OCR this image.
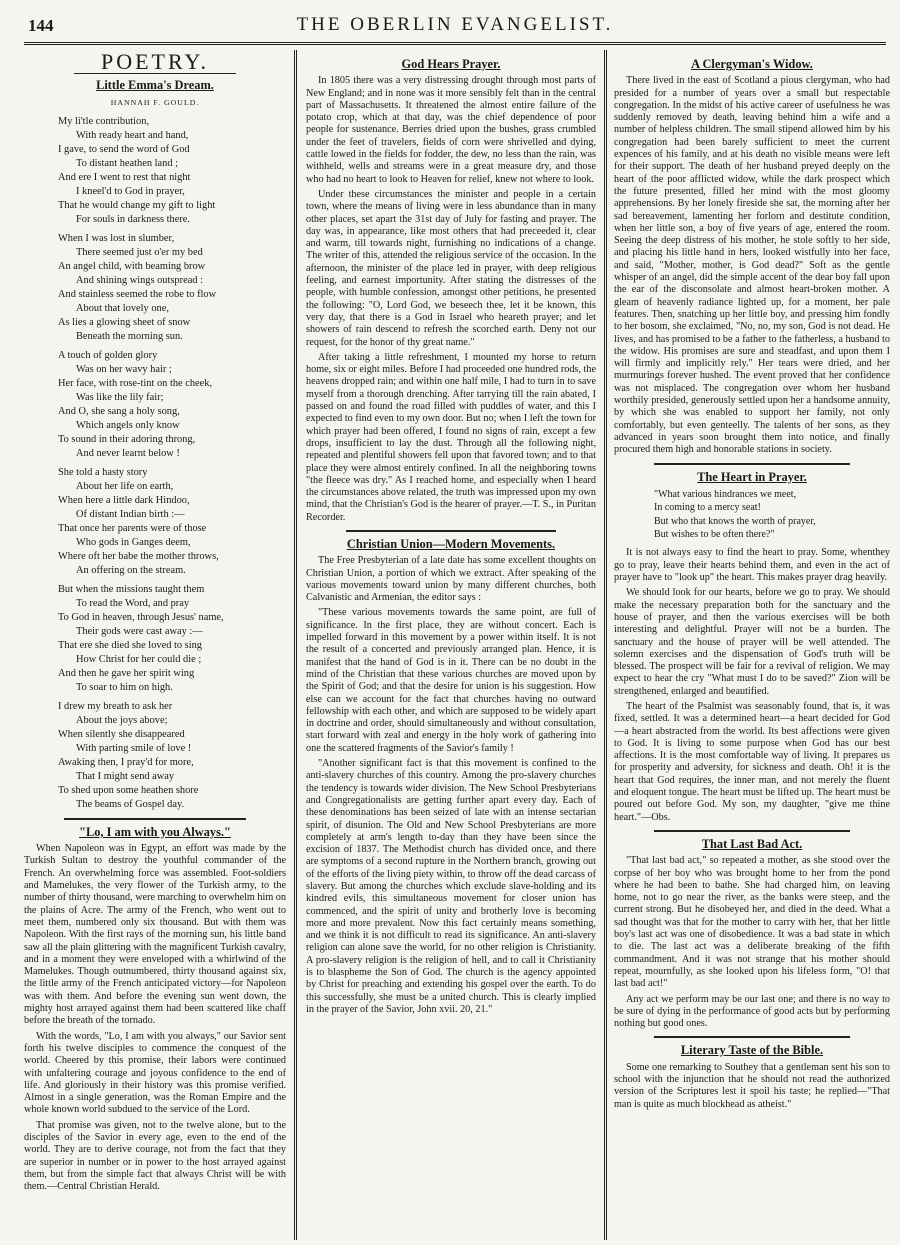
144	THE OBERLIN EVANGELIST.
POETRY.
Little Emma's Dream.
HANNAH F. GOULD.
My li'tle contribution,
With ready heart and hand,
I gave, to send the word of God
To distant heathen land ;
And ere I went to rest that night
I kneel'd to God in prayer,
That he would change my gift to light
For souls in darkness there.
When I was lost in slumber,
There seemed just o'er my bed
An angel child, with beaming brow
And shining wings outspread :
And stainless seemed the robe to flow
About that lovely one,
As lies a glowing sheet of snow
Beneath the morning sun.
A touch of golden glory
Was on her wavy hair ;
Her face, with rose-tint on the cheek,
Was like the lily fair;
And O, she sang a holy song,
Which angels only know
To sound in their adoring throng,
And never learnt below !
She told a hasty story
About her life on earth,
When here a little dark Hindoo,
Of distant Indian birth :—
That once her parents were of those
Who gods in Ganges deem,
Where oft her babe the mother throws,
An offering on the stream.
But when the missions taught them
To read the Word, and pray
To God in heaven, through Jesus' name,
Their gods were cast away :—
That ere she died she loved to sing
How Christ for her could die ;
And then he gave her spirit wing
To soar to him on high.
I drew my breath to ask her
About the joys above;
When silently she disappeared
With parting smile of love !
Awaking then, I pray'd for more,
That I might send away
To shed upon some heathen shore
The beams of Gospel day.
"Lo, I am with you Always."

When Napoleon was in Egypt, an effort was made by the Turkish Sultan to destroy the youthful commander of the French. An overwhelming force was assembled. Foot-soldiers and Mamelukes, the very flower of the Turkish army, to the number of thirty thousand, were marching to overwhelm him on the plains of Acre. The army of the French, who went out to meet them, numbered only six thousand. But with them was Napoleon. With the first rays of the morning sun, his little band saw all the plain glittering with the magnificent Turkish cavalry, and in a moment they were enveloped with a whirlwind of the Mamelukes. Though outnumbered, thirty thousand against six, the little army of the French anticipated victory—for Napoleon was with them. And before the evening sun went down, the mighty host arrayed against them had been scattered like chaff before the breath of the tornado.

With the words, "Lo, I am with you always," our Savior sent forth his twelve disciples to commence the conquest of the world. Cheered by this promise, their labors were continued with unfaltering courage and joyous confidence to the end of life. And gloriously in their history was this promise verified. Almost in a single generation, was the Roman Empire and the whole known world subdued to the service of the Lord.

That promise was given, not to the twelve alone, but to the disciples of the Savior in every age, even to the end of the world. They are to derive courage, not from the fact that they are superior in number or in power to the host arrayed against them, but from the simple fact that always Christ will be with them.—Central Christian Herald.

God Hears Prayer.

In 1805 there was a very distressing drought through most parts of New England; and in none was it more sensibly felt than in the central part of Massachusetts. It threatened the almost entire failure of the potato crop, which at that day, was the chief dependence of poor people for sustenance. Berries dried upon the bushes, grass crumbled under the feet of travelers, fields of corn were shrivelled and dying, cattle lowed in the fields for fodder, the dew, no less than the rain, was withheld, wells and streams were in a great measure dry, and those who had no heart to look to Heaven for relief, knew not where to look.

Under these circumstances the minister and people in a certain town, where the means of living were in less abundance than in many other places, set apart the 31st day of July for fasting and prayer. The day was, in appearance, like most others that had preceeded it, clear and warm, till towards night, furnishing no indications of a change. The writer of this, attended the religious service of the occasion. In the afternoon, the minister of the place led in prayer, with deep religious feeling, and earnest importunity. After stating the distresses of the people, with humble confession, amongst other petitions, he presented the following: "O, Lord God, we beseech thee, let it be known, this very day, that there is a God in Israel who heareth prayer; and let showers of rain descend to refresh the scorched earth. Deny not our request, for the honor of thy great name."

After taking a little refreshment, I mounted my horse to return home, six or eight miles. Before I had proceeded one hundred rods, the heavens dropped rain; and within one half mile, I had to turn in to save myself from a thorough drenching. After tarrying till the rain abated, I passed on and found the road filled with puddles of water, and this I expected to find even to my own door. But no; when I left the town for which prayer had been offered, I found no signs of rain, except a few drops, insufficient to lay the dust. Through all the following night, repeated and plentiful showers fell upon that favored town; and to that place they were almost entirely confined. In all the neighboring towns "the fleece was dry." As I reached home, and especially when I heard the circumstances above related, the truth was impressed upon my own mind, that the Christian's God is the hearer of prayer.—T. S., in Puritan Recorder.

Christian Union—Modern Movements.

The Free Presbyterian of a late date has some excellent thoughts on Christian Union, a portion of which we extract. After speaking of the various movements toward union by many different churches, both Calvanistic and Armenian, the editor says :

"These various movements towards the same point, are full of significance. In the first place, they are without concert. Each is impelled forward in this movement by a power within itself. It is not the result of a concerted and previously arranged plan. Hence, it is manifest that the hand of God is in it. There can be no doubt in the mind of the Christian that these various churches are moved upon by the Spirit of God; and that the desire for union is his suggestion. How else can we account for the fact that churches having no outward fellowship with each other, and which are supposed to be widely apart in doctrine and order, should simultaneously and without consultation, start forward with zeal and energy in the holy work of gathering into one the scattered fragments of the Savior's family !

"Another significant fact is that this movement is confined to the anti-slavery churches of this country. Among the pro-slavery churches the tendency is towards wider division. The New School Presbyterians and Congregationalists are getting further apart every day. Each of these denominations has been seized of late with an intense sectarian spirit, of disunion. The Old and New School Presbyterians are more completely at arm's length to-day than they have been since the excision of 1837. The Methodist church has divided once, and there are symptoms of a second rupture in the Northern branch, growing out of the efforts of the living piety within, to throw off the dead carcass of slavery. But among the churches which exclude slave-holding and its kindred evils, this simultaneous movement for closer union has commenced, and the spirit of unity and brotherly love is becoming more and more prevalent. Now this fact certainly means something, and we think it is not difficult to read its significance. An anti-slavery religion can alone save the world, for no other religion is Christianity. A pro-slavery religion is the religion of hell, and to call it Christianity is to blaspheme the Son of God. The church is the agency appointed by Christ for preaching and extending his gospel over the earth. To do this successfully, she must be a united church. This is clearly implied in the prayer of the Savior, John xvii. 20, 21."

A Clergyman's Widow.

There lived in the east of Scotland a pious clergyman, who had presided for a number of years over a small but respectable congregation. In the midst of his active career of usefulness he was suddenly removed by death, leaving behind him a wife and a number of helpless children. The small stipend allowed him by his congregation had been barely sufficient to meet the current expences of his family, and at his death no visible means were left for their support. The death of her husband preyed deeply on the heart of the poor afflicted widow, while the dark prospect which the future presented, filled her mind with the most gloomy apprehensions. By her lonely fireside she sat, the morning after her sad bereavement, lamenting her forlorn and destitute condition, when her little son, a boy of five years of age, entered the room. Seeing the deep distress of his mother, he stole softly to her side, and placing his little hand in hers, looked wistfully into her face, and said, "Mother, mother, is God dead?" Soft as the gentle whisper of an angel, did the simple accent of the dear boy fall upon the ear of the disconsolate and almost heart-broken mother. A gleam of heavenly radiance lighted up, for a moment, her pale features. Then, snatching up her little boy, and pressing him fondly to her bosom, she exclaimed, "No, no, my son, God is not dead. He lives, and has promised to be a father to the fatherless, a husband to the widow. His promises are sure and steadfast, and upon them I will firmly and implicitly rely." Her tears were dried, and her murmurings forever hushed. The event proved that her confidence was not misplaced. The congregation over whom her husband worthily presided, generously settled upon her a handsome annuity, by which she was enabled to support her family, not only comfortably, but even genteelly. The talents of her sons, as they advanced in years soon brought them into notice, and finally procured them high and honorable stations in society.

The Heart in Prayer.
"What various hindrances we meet,
In coming to a mercy seat!
But who that knows the worth of prayer,
But wishes to be often there?"

It is not always easy to find the heart to pray. Some, whenthey go to pray, leave their hearts behind them, and even in the act of prayer have to "look up" the heart. This makes prayer drag heavily.

We should look for our hearts, before we go to pray. We should make the necessary preparation both for the sanctuary and the house of prayer, and then the various exercises will be both interesting and delightful. Prayer will not be a burden. The sanctuary and the house of prayer will be well attended. The solemn exercises and the dispensation of God's truth will be blessed. The prospect will be fair for a revival of religion. We may expect to hear the cry "What must I do to be saved?" Zion will be strengthened, enlarged and beautified.

The heart of the Psalmist was seasonably found, that is, it was fixed, settled. It was a determined heart—a heart decided for God—a heart abstracted from the world. Its best affections were given to God. It is living to some purpose when God has our best affections. It is the most comfortable way of living. It prepares us for prosperity and adversity, for sickness and death. Oh! it is the heart that God requires, the inner man, and not merely the fluent and eloquent tongue. The heart must be lifted up. The heart must be poured out before God. My son, my daughter, "give me thine heart."—Obs.

That Last Bad Act.

"That last bad act," so repeated a mother, as she stood over the corpse of her boy who was brought home to her from the pond where he had been to bathe. She had charged him, on leaving home, not to go near the river, as the banks were steep, and the current strong. But he disobeyed her, and died in the deed. What a sad thought was that for the mother to carry with her, that her little boy's last act was one of disobedience. It was a bad state in which to die. The last act was a deliberate breaking of the fifth commandment. And it was not strange that his mother should repeat, mournfully, as she looked upon his lifeless form, "O! that last bad act!"

Any act we perform may be our last one; and there is no way to be sure of dying in the performance of good acts but by performing nothing but good ones.

Literary Taste of the Bible.

Some one remarking to Southey that a gentleman sent his son to school with the injunction that he should not read the authorized version of the Scriptures lest it spoil his taste; he replied—"That man is quite as much blockhead as atheist."
